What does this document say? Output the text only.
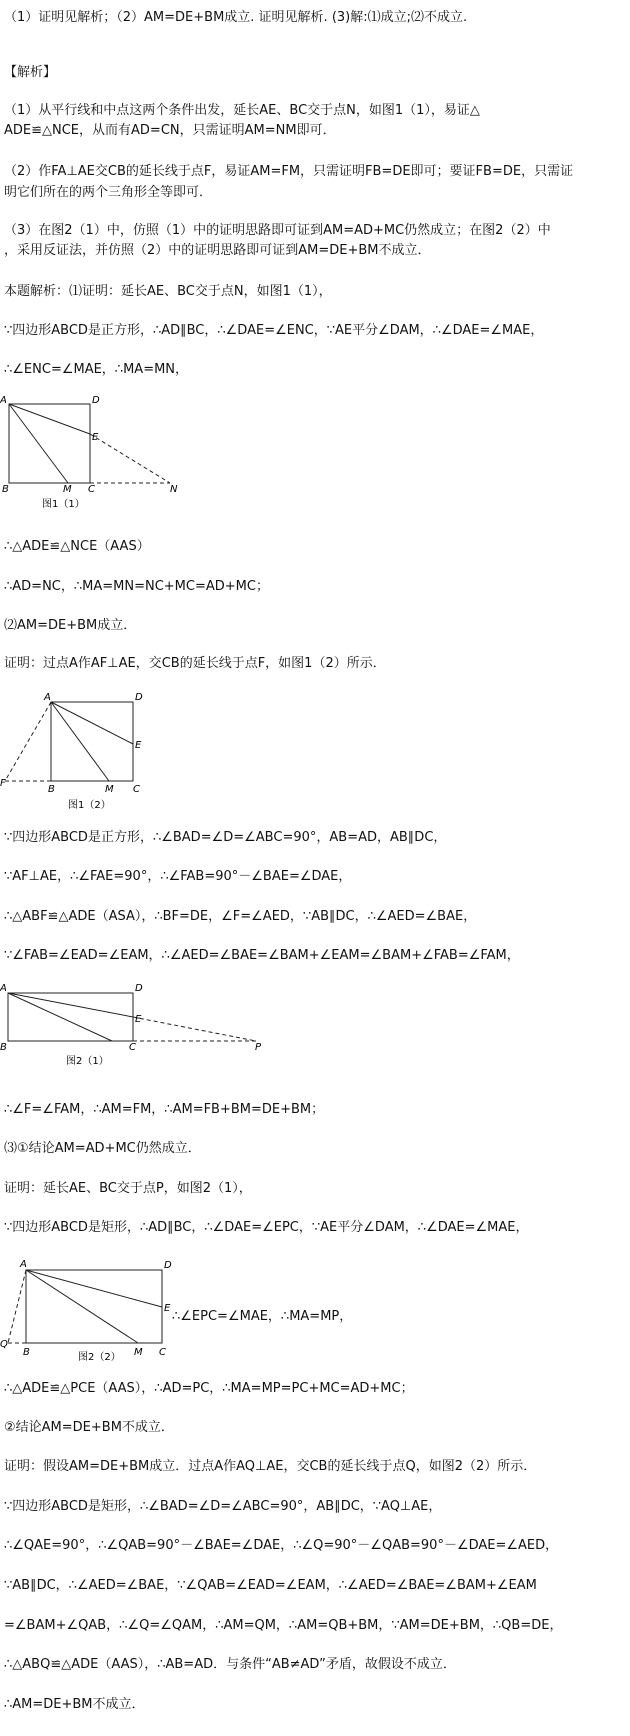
（1）证明见解析；（2）AM=DE+BM成立. 证明见解析. (3)解:⑴成立;⑵不成立.
【解析】
（1）从平行线和中点这两个条件出发，延长AE、BC交于点N，如图1（1），易证△
ADE≌△NCE，从而有AD=CN，只需证明AM=NM即可．
（2）作FA⊥AE交CB的延长线于点F，易证AM=FM，只需证明FB=DE即可；要证FB=DE，只需证
明它们所在的两个三角形全等即可．
（3）在图2（1）中，仿照（1）中的证明思路即可证到AM=AD+MC仍然成立；在图2（2）中
，采用反证法，并仿照（2）中的证明思路即可证到AM=DE+BM不成立．
本题解析：⑴证明：延长AE、BC交于点N，如图1（1），
∵四边形ABCD是正方形，∴AD∥BC，∴∠DAE=∠ENC，∵AE平分∠DAM，∴∠DAE=∠MAE，
∴∠ENC=∠MAE，∴MA=MN，
A	D
E
B	M C	N
图1（1）
∴△ADE≌△NCE（AAS）
∴AD=NC，∴MA=MN=NC+MC=AD+MC；
⑵AM=DE+BM成立．
证明：过点A作AF⊥AE，交CB的延长线于点F，如图1（2）所示．
A	D
E
F
B	M C
图1（2）
∵四边形ABCD是正方形，∴∠BAD=∠D=∠ABC=90°，AB=AD，AB∥DC，
∵AF⊥AE，∴∠FAE=90°，∴∠FAB=90°－∠BAE=∠DAE，
∴△ABF≌△ADE（ASA），∴BF=DE，∠F=∠AED，∵AB∥DC，∴∠AED=∠BAE，
∵∠FAB=∠EAD=∠EAM，∴∠AED=∠BAE=∠BAM+∠EAM=∠BAM+∠FAB=∠FAM，
A	D
E
B	C	P
图2（1）
∴∠F=∠FAM，∴AM=FM，∴AM=FB+BM=DE+BM；
⑶①结论AM=AD+MC仍然成立．
证明：延长AE、BC交于点P，如图2（1），
∵四边形ABCD是矩形，∴AD∥BC，∴∠DAE=∠EPC，∵AE平分∠DAM，∴∠DAE=∠MAE，
A	D
E
Q
B	M C
图2（2）
∴∠EPC=∠MAE，∴MA=MP，
∴△ADE≌△PCE（AAS），∴AD=PC，∴MA=MP=PC+MC=AD+MC；
②结论AM=DE+BM不成立．
证明：假设AM=DE+BM成立．过点A作AQ⊥AE，交CB的延长线于点Q，如图2（2）所示．
∵四边形ABCD是矩形，∴∠BAD=∠D=∠ABC=90°，AB∥DC，∵AQ⊥AE，
∴∠QAE=90°，∴∠QAB=90°－∠BAE=∠DAE，∴∠Q=90°－∠QAB=90°－∠DAE=∠AED，
∵AB∥DC，∴∠AED=∠BAE，∵∠QAB=∠EAD=∠EAM，∴∠AED=∠BAE=∠BAM+∠EAM
=∠BAM+∠QAB，∴∠Q=∠QAM，∴AM=QM，∴AM=QB+BM，∵AM=DE+BM，∴QB=DE，
∴△ABQ≌△ADE（AAS），∴AB=AD．与条件“AB≠AD”矛盾，故假设不成立．
∴AM=DE+BM不成立．
